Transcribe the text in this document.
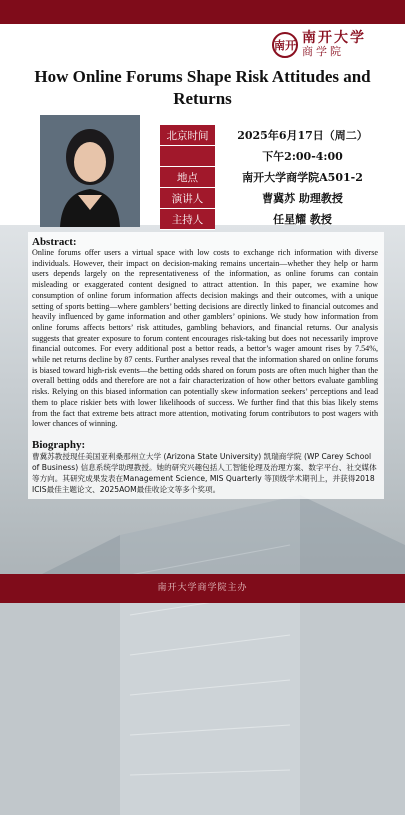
南开 南开大学
商学院
How Online Forums Shape Risk Attitudes and Returns
北京时间	2025年6月17日（周二）
	下午2:00-4:00
地点	南开大学商学院A501-2
演讲人	曹冀苏 助理教授
主持人	任星耀 教授

Abstract:

Online forums offer users a virtual space with low costs to exchange rich information with diverse individuals. However, their impact on decision-making remains uncertain—whether they help or harm users depends largely on the representativeness of the information, as online forums can contain misleading or exaggerated content designed to attract attention. In this paper, we examine how consumption of online forum information affects decision makings and their outcomes, with a unique setting of sports betting—where gamblers’ betting decisions are directly linked to financial outcomes and heavily influenced by game information and other gamblers’ opinions. We study how information from online forums affects bettors’ risk attitudes, gambling behaviors, and financial returns. Our analysis suggests that greater exposure to forum content encourages risk-taking but does not necessarily improve financial outcomes. For every additional post a bettor reads, a bettor’s wager amount rises by 7.54%, while net returns decline by 87 cents. Further analyses reveal that the information shared on online forums is biased toward high-risk events—the betting odds shared on forum posts are often much higher than the overall betting odds and therefore are not a fair characterization of how other bettors evaluate gambling risks. Relying on this biased information can potentially skew information seekers’ perceptions and lead them to place riskier bets with lower likelihoods of success. We further find that this bias likely stems from the fact that extreme bets attract more attention, motivating forum contributors to post wagers with lower chances of winning.

Biography:

曹冀苏教授现任美国亚利桑那州立大学 (Arizona State University) 凯瑞商学院 (WP Carey School of Business) 信息系统学助理教授。她的研究兴趣包括人工智能伦理及治理方案、数字平台、社交媒体等方向。其研究成果发表在Management Science, MIS Quarterly 等顶级学术期刊上，并获得2018 ICIS最佳主题论文、2025AOM最佳收论文等多个奖项。

南开大学商学院主办
